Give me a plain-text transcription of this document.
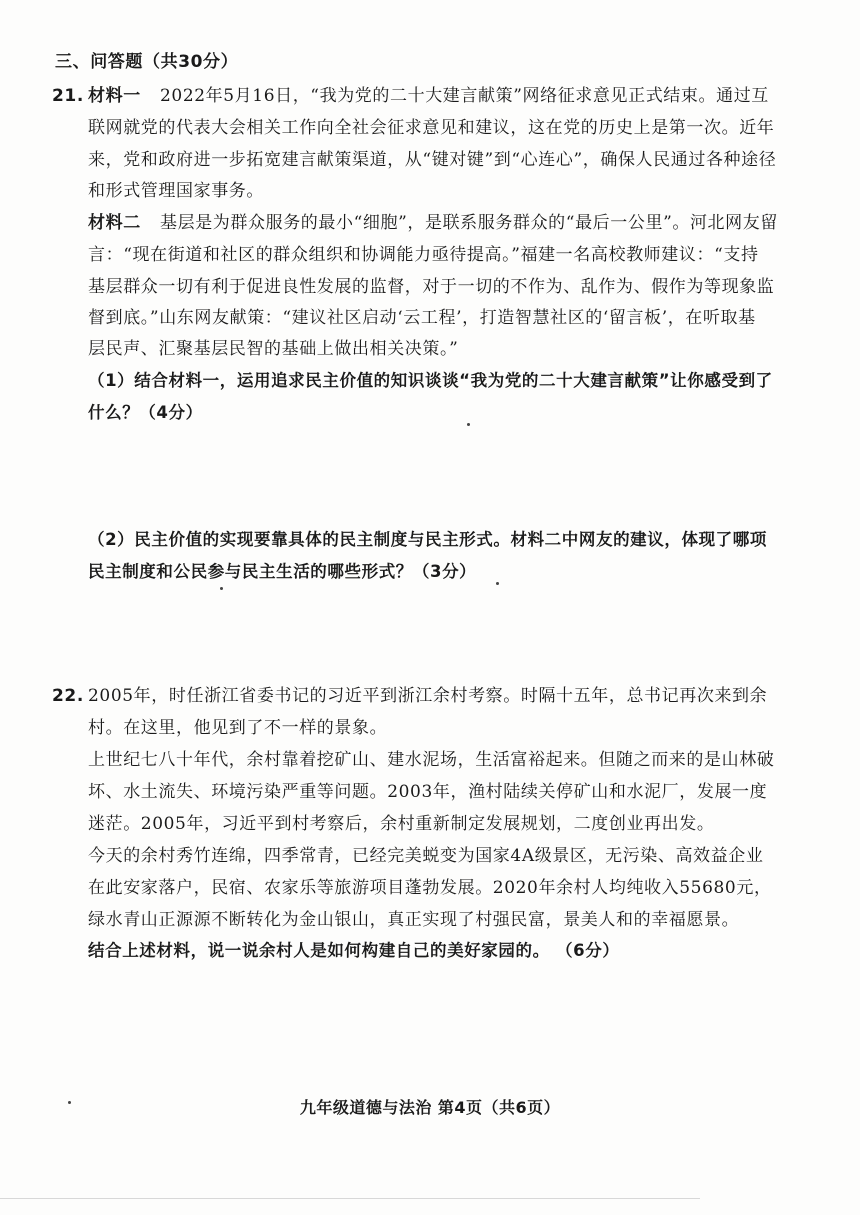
三、问答题（共30分）
21. 材料一 2022年5月16日，“我为党的二十大建言献策”网络征求意见正式结束。通过互
联网就党的代表大会相关工作向全社会征求意见和建议，这在党的历史上是第一次。近年
来，党和政府进一步拓宽建言献策渠道，从“键对键”到“心连心”，确保人民通过各种途径
和形式管理国家事务。
材料二 基层是为群众服务的最小“细胞”，是联系服务群众的“最后一公里”。河北网友留
言：“现在街道和社区的群众组织和协调能力亟待提高。”福建一名高校教师建议：“支持
基层群众一切有利于促进良性发展的监督，对于一切的不作为、乱作为、假作为等现象监
督到底。”山东网友献策：“建议社区启动‘云工程’，打造智慧社区的‘留言板’，在听取基
层民声、汇聚基层民智的基础上做出相关决策。”
（1）结合材料一，运用追求民主价值的知识谈谈“我为党的二十大建言献策”让你感受到了
什么？（4分）
（2）民主价值的实现要靠具体的民主制度与民主形式。材料二中网友的建议，体现了哪项
民主制度和公民参与民主生活的哪些形式？（3分）
22. 2005年，时任浙江省委书记的习近平到浙江余村考察。时隔十五年，总书记再次来到余
村。在这里，他见到了不一样的景象。
上世纪七八十年代，余村靠着挖矿山、建水泥场，生活富裕起来。但随之而来的是山林破
坏、水土流失、环境污染严重等问题。2003年，渔村陆续关停矿山和水泥厂，发展一度
迷茫。2005年，习近平到村考察后，余村重新制定发展规划，二度创业再出发。
今天的余村秀竹连绵，四季常青，已经完美蜕变为国家4A级景区，无污染、高效益企业
在此安家落户，民宿、农家乐等旅游项目蓬勃发展。2020年余村人均纯收入55680元，
绿水青山正源源不断转化为金山银山，真正实现了村强民富，景美人和的幸福愿景。
结合上述材料，说一说余村人是如何构建自己的美好家园的。 （6分）
九年级道德与法治 第4页（共6页）
